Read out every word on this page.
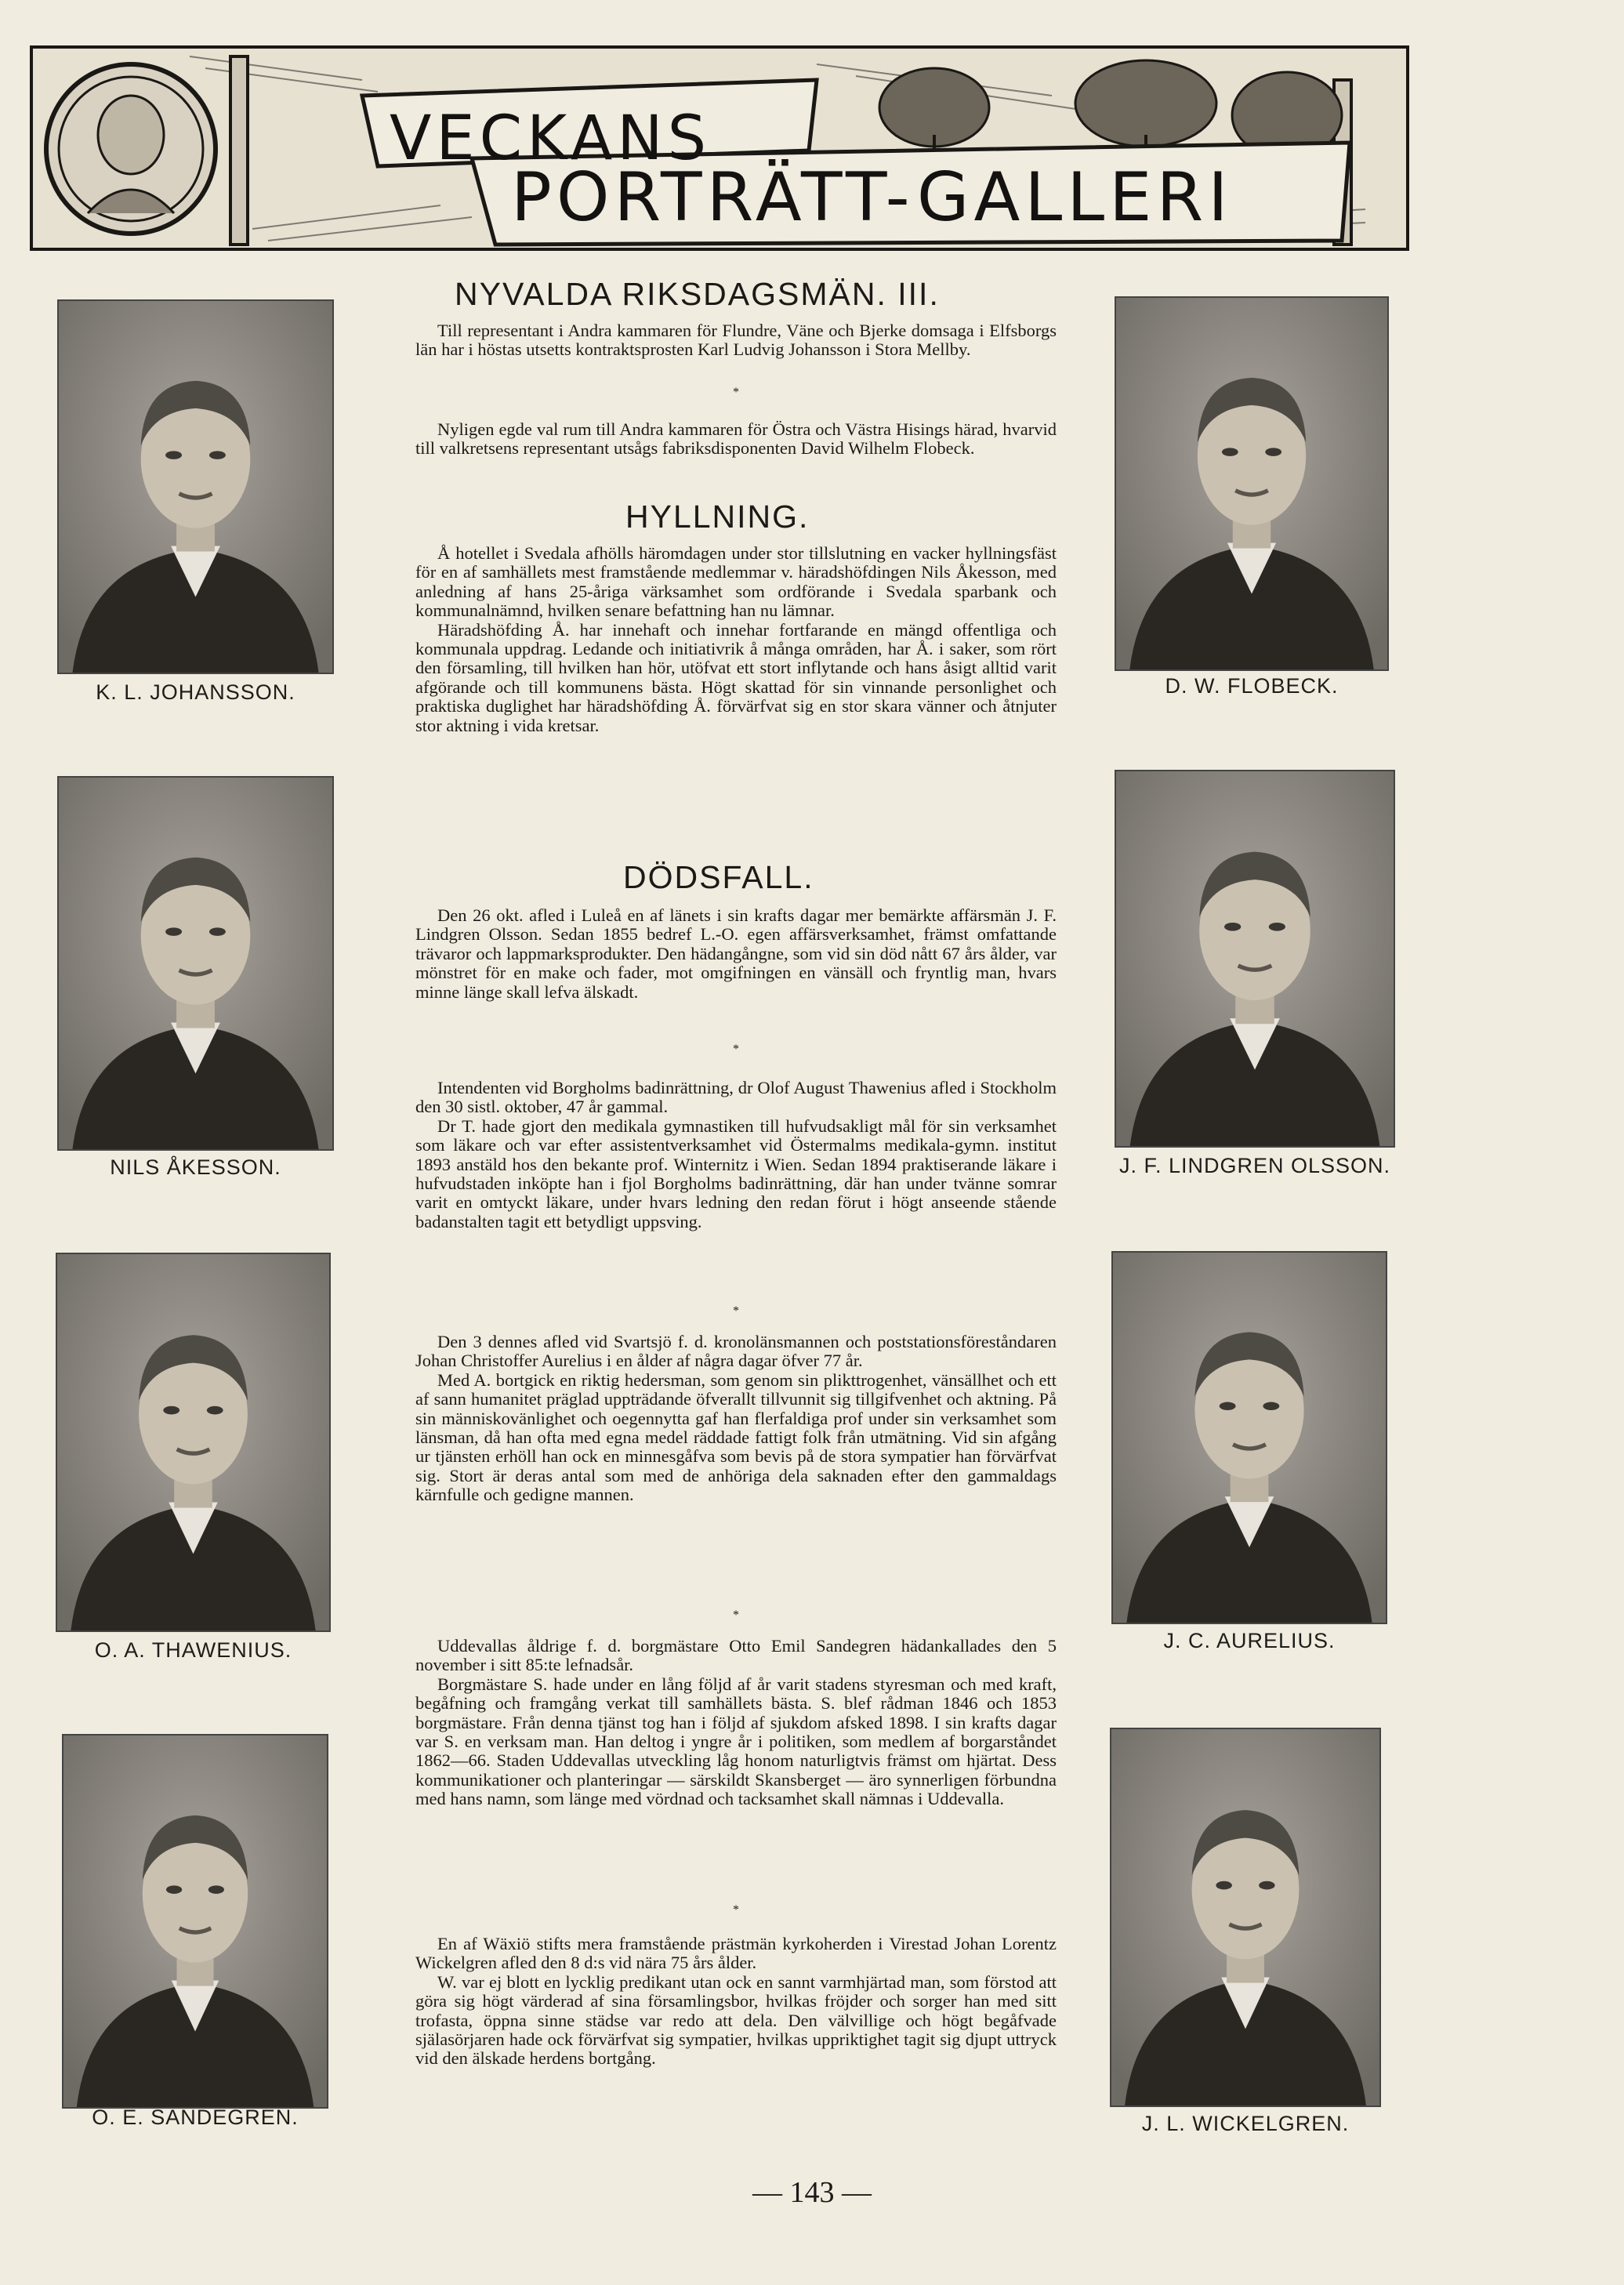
VECKANS
PORTRÄTT-GALLERI
K. L. JOHANSSON.
NILS ÅKESSON.
O. A. THAWENIUS.
O. E. SANDEGREN.
D. W. FLOBECK.
J. F. LINDGREN OLSSON.
J. C. AURELIUS.
J. L. WICKELGREN.
NYVALDA RIKSDAGSMÄN. III.

Till representant i Andra kammaren för Flundre, Väne och Bjerke domsaga i Elfsborgs län har i höstas utsetts kontraktsprosten Karl Ludvig Johansson i Stora Mellby.

*

Nyligen egde val rum till Andra kammaren för Östra och Västra Hisings härad, hvarvid till valkretsens representant utsågs fabriksdisponenten David Wilhelm Flobeck.

HYLLNING.

Å hotellet i Svedala afhölls häromdagen under stor tillslutning en vacker hyllningsfäst för en af samhällets mest framstående medlemmar v. häradshöfdingen Nils Åkesson, med anledning af hans 25-åriga värksamhet som ordförande i Svedala sparbank och kommunalnämnd, hvilken senare befattning han nu lämnar.

Häradshöfding Å. har innehaft och innehar fortfarande en mängd offentliga och kommunala uppdrag. Ledande och initiativrik å många områden, har Å. i saker, som rört den församling, till hvilken han hör, utöfvat ett stort inflytande och hans åsigt alltid varit afgörande och till kommunens bästa. Högt skattad för sin vinnande personlighet och praktiska duglighet har häradshöfding Å. förvärfvat sig en stor skara vänner och åtnjuter stor aktning i vida kretsar.

DÖDSFALL.

Den 26 okt. afled i Luleå en af länets i sin krafts dagar mer bemärkte affärsmän J. F. Lindgren Olsson. Sedan 1855 bedref L.-O. egen affärsverksamhet, främst omfattande trävaror och lappmarksprodukter. Den hädangångne, som vid sin död nått 67 års ålder, var mönstret för en make och fader, mot omgifningen en vänsäll och fryntlig man, hvars minne länge skall lefva älskadt.

*

Intendenten vid Borgholms badinrättning, dr Olof August Thawenius afled i Stockholm den 30 sistl. oktober, 47 år gammal.

Dr T. hade gjort den medikala gymnastiken till hufvudsakligt mål för sin verksamhet som läkare och var efter assistentverksamhet vid Östermalms medikala-gymn. institut 1893 anstäld hos den bekante prof. Winternitz i Wien. Sedan 1894 praktiserande läkare i hufvudstaden inköpte han i fjol Borgholms badinrättning, där han under tvänne somrar varit en omtyckt läkare, under hvars ledning den redan förut i högt anseende stående badanstalten tagit ett betydligt uppsving.

*

Den 3 dennes afled vid Svartsjö f. d. kronolänsmannen och poststationsföreståndaren Johan Christoffer Aurelius i en ålder af några dagar öfver 77 år.

Med A. bortgick en riktig hedersman, som genom sin plikttrogenhet, vänsällhet och ett af sann humanitet präglad uppträdande öfverallt tillvunnit sig tillgifvenhet och aktning. På sin människovänlighet och oegennytta gaf han flerfaldiga prof under sin verksamhet som länsman, då han ofta med egna medel räddade fattigt folk från utmätning. Vid sin afgång ur tjänsten erhöll han ock en minnesgåfva som bevis på de stora sympatier han förvärfvat sig. Stort är deras antal som med de anhöriga dela saknaden efter den gammaldags kärnfulle och gedigne mannen.

*

Uddevallas åldrige f. d. borgmästare Otto Emil Sandegren hädankallades den 5 november i sitt 85:te lefnadsår.

Borgmästare S. hade under en lång följd af år varit stadens styresman och med kraft, begåfning och framgång verkat till samhällets bästa. S. blef rådman 1846 och 1853 borgmästare. Från denna tjänst tog han i följd af sjukdom afsked 1898. I sin krafts dagar var S. en verksam man. Han deltog i yngre år i politiken, som medlem af borgarståndet 1862—66. Staden Uddevallas utveckling låg honom naturligtvis främst om hjärtat. Dess kommunikationer och planteringar — särskildt Skansberget — äro synnerligen förbundna med hans namn, som länge med vördnad och tacksamhet skall nämnas i Uddevalla.

*

En af Wäxiö stifts mera framstående prästmän kyrkoherden i Virestad Johan Lorentz Wickelgren afled den 8 d:s vid nära 75 års ålder.

W. var ej blott en lycklig predikant utan ock en sannt varmhjärtad man, som förstod att göra sig högt värderad af sina församlingsbor, hvilkas fröjder och sorger han med sitt trofasta, öppna sinne städse var redo att dela. Den välvillige och högt begåfvade själasörjaren hade ock förvärfvat sig sympatier, hvilkas uppriktighet tagit sig djupt uttryck vid den älskade herdens bortgång.

— 143 —
